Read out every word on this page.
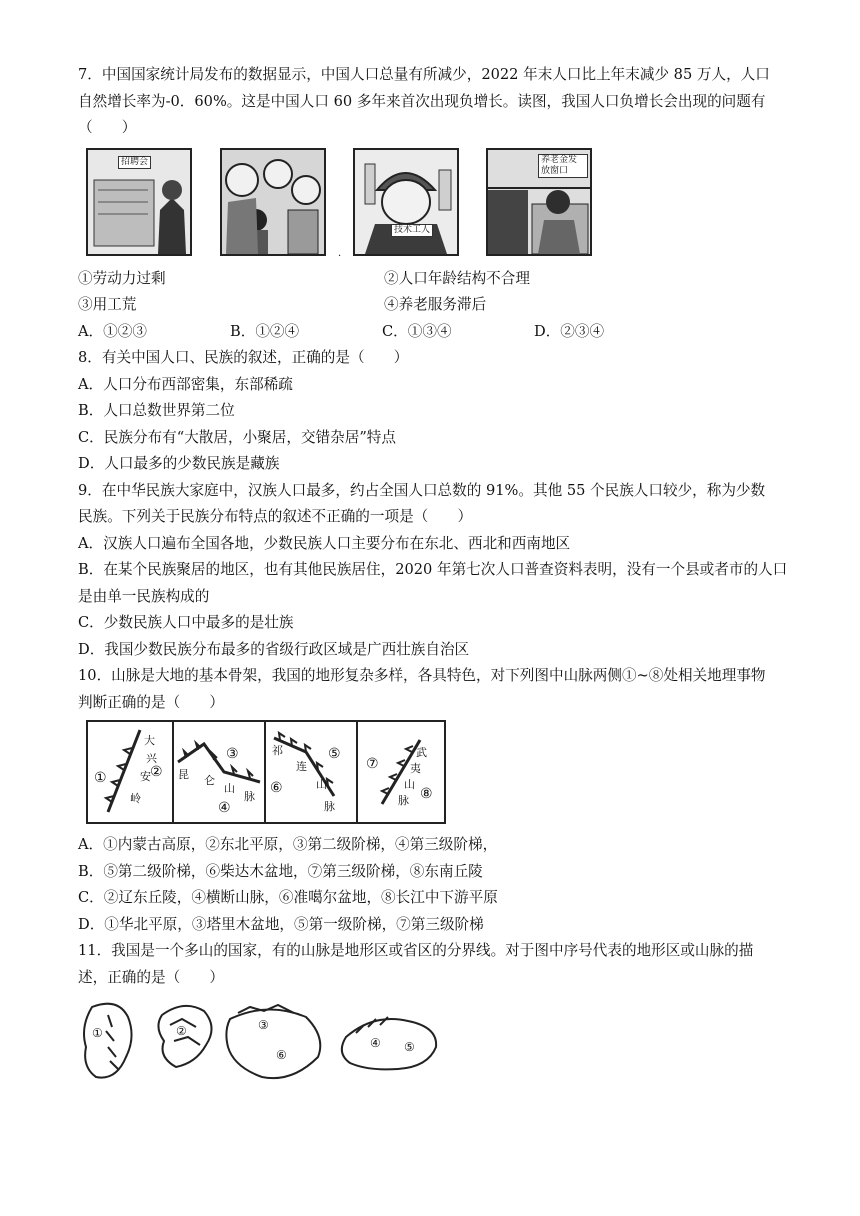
7．中国国家统计局发布的数据显示，中国人口总量有所减少，2022 年末人口比上年末减少 85 万人，人口
自然增长率为-0．60%。这是中国人口 60 多年来首次出现负增长。读图，我国人口负增长会出现的问题有
（　　）
招聘会
技术工人
养老金发放窗口
·
①劳动力过剩	②人口年龄结构不合理
③用工荒	④养老服务滞后
A．①②③	B．①②④	C．①③④	D．②③④
8．有关中国人口、民族的叙述，正确的是（　　）
A．人口分布西部密集，东部稀疏
B．人口总数世界第二位
C．民族分布有“大散居，小聚居，交错杂居”特点
D．人口最多的少数民族是藏族
9．在中华民族大家庭中，汉族人口最多，约占全国人口总数的 91%。其他 55 个民族人口较少，称为少数
民族。下列关于民族分布特点的叙述不正确的一项是（　　）
A．汉族人口遍布全国各地，少数民族人口主要分布在东北、西北和西南地区
B．在某个民族聚居的地区，也有其他民族居住，2020 年第七次人口普查资料表明，没有一个县或者市的人口
是由单一民族构成的
C．少数民族人口中最多的是壮族
D．我国少数民族分布最多的省级行政区域是广西壮族自治区
10．山脉是大地的基本骨架，我国的地形复杂多样，各具特色，对下列图中山脉两侧①~⑧处相关地理事物
判断正确的是（　　）
大
兴
安
岭
①	② 昆 仑
山
脉
③
④
祁
连
山
脉
⑥
⑤	武
夷
山
脉
⑦
⑧
A．①内蒙古高原，②东北平原，③第二级阶梯，④第三级阶梯，
B．⑤第二级阶梯，⑥柴达木盆地，⑦第三级阶梯，⑧东南丘陵
C．②辽东丘陵，④横断山脉，⑥准噶尔盆地，⑧长江中下游平原
D．①华北平原，③塔里木盆地，⑤第一级阶梯，⑦第三级阶梯
11．我国是一个多山的国家，有的山脉是地形区或省区的分界线。对于图中序号代表的地形区或山脉的描
述，正确的是（　　）
①	②	③
⑥
④ ⑤
